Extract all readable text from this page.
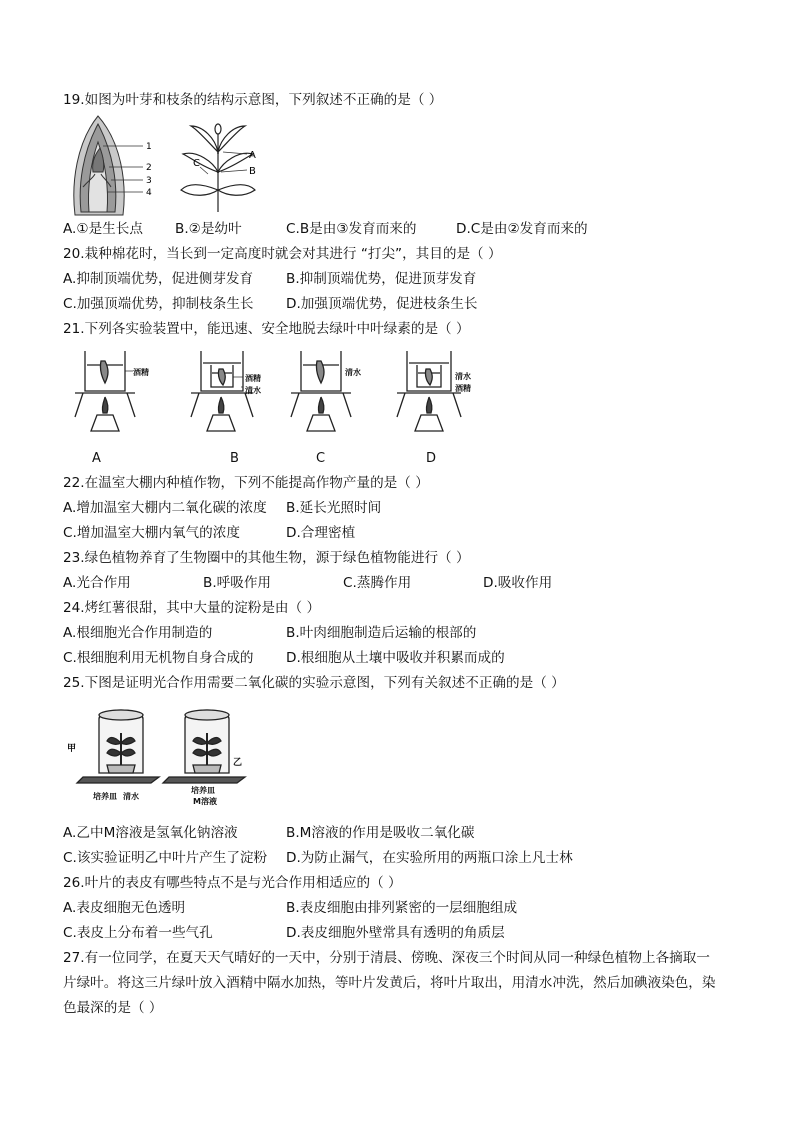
19.如图为叶芽和枝条的结构示意图，下列叙述不正确的是（ ）
1
2
3
4
A
B
C
A.①是生长点 B.②是幼叶	C.B是由③发育而来的	D.C是由②发育而来的
20.栽种棉花时，当长到一定高度时就会对其进行 “打尖”，其目的是（ ）
A.抑制顶端优势，促进侧芽发育 B.抑制顶端优势，促进顶芽发育
C.加强顶端优势，抑制枝条生长 D.加强顶端优势，促进枝条生长
21.下列各实验装置中，能迅速、安全地脱去绿叶中叶绿素的是（ ）
酒精
酒精
清水
清水	清水
酒精
A	B	C	D
22.在温室大棚内种植作物，下列不能提高作物产量的是（ ）
A.增加温室大棚内二氧化碳的浓度 B.延长光照时间
C.增加温室大棚内氧气的浓度	D.合理密植
23.绿色植物养育了生物圈中的其他生物，源于绿色植物能进行（ ）
A.光合作用	B.呼吸作用	C.蒸腾作用	D.吸收作用
24.烤红薯很甜，其中大量的淀粉是由（ ）
A.根细胞光合作用制造的	B.叶肉细胞制造后运输的根部的
C.根细胞利用无机物自身合成的 D.根细胞从土壤中吸收并积累而成的
25.下图是证明光合作用需要二氧化碳的实验示意图，下列有关叙述不正确的是（ ）
甲
乙
培养皿 清水
培养皿
M溶液
A.乙中M溶液是氢氧化钠溶液	B.M溶液的作用是吸收二氧化碳
C.该实验证明乙中叶片产生了淀粉 D.为防止漏气，在实验所用的两瓶口涂上凡士林
26.叶片的表皮有哪些特点不是与光合作用相适应的（ ）
A.表皮细胞无色透明	B.表皮细胞由排列紧密的一层细胞组成
C.表皮上分布着一些气孔	D.表皮细胞外壁常具有透明的角质层
27.有一位同学，在夏天天气晴好的一天中，分别于清晨、傍晚、深夜三个时间从同一种绿色植物上各摘取一
片绿叶。将这三片绿叶放入酒精中隔水加热，等叶片发黄后，将叶片取出，用清水冲洗，然后加碘液染色，染
色最深的是（ ）
